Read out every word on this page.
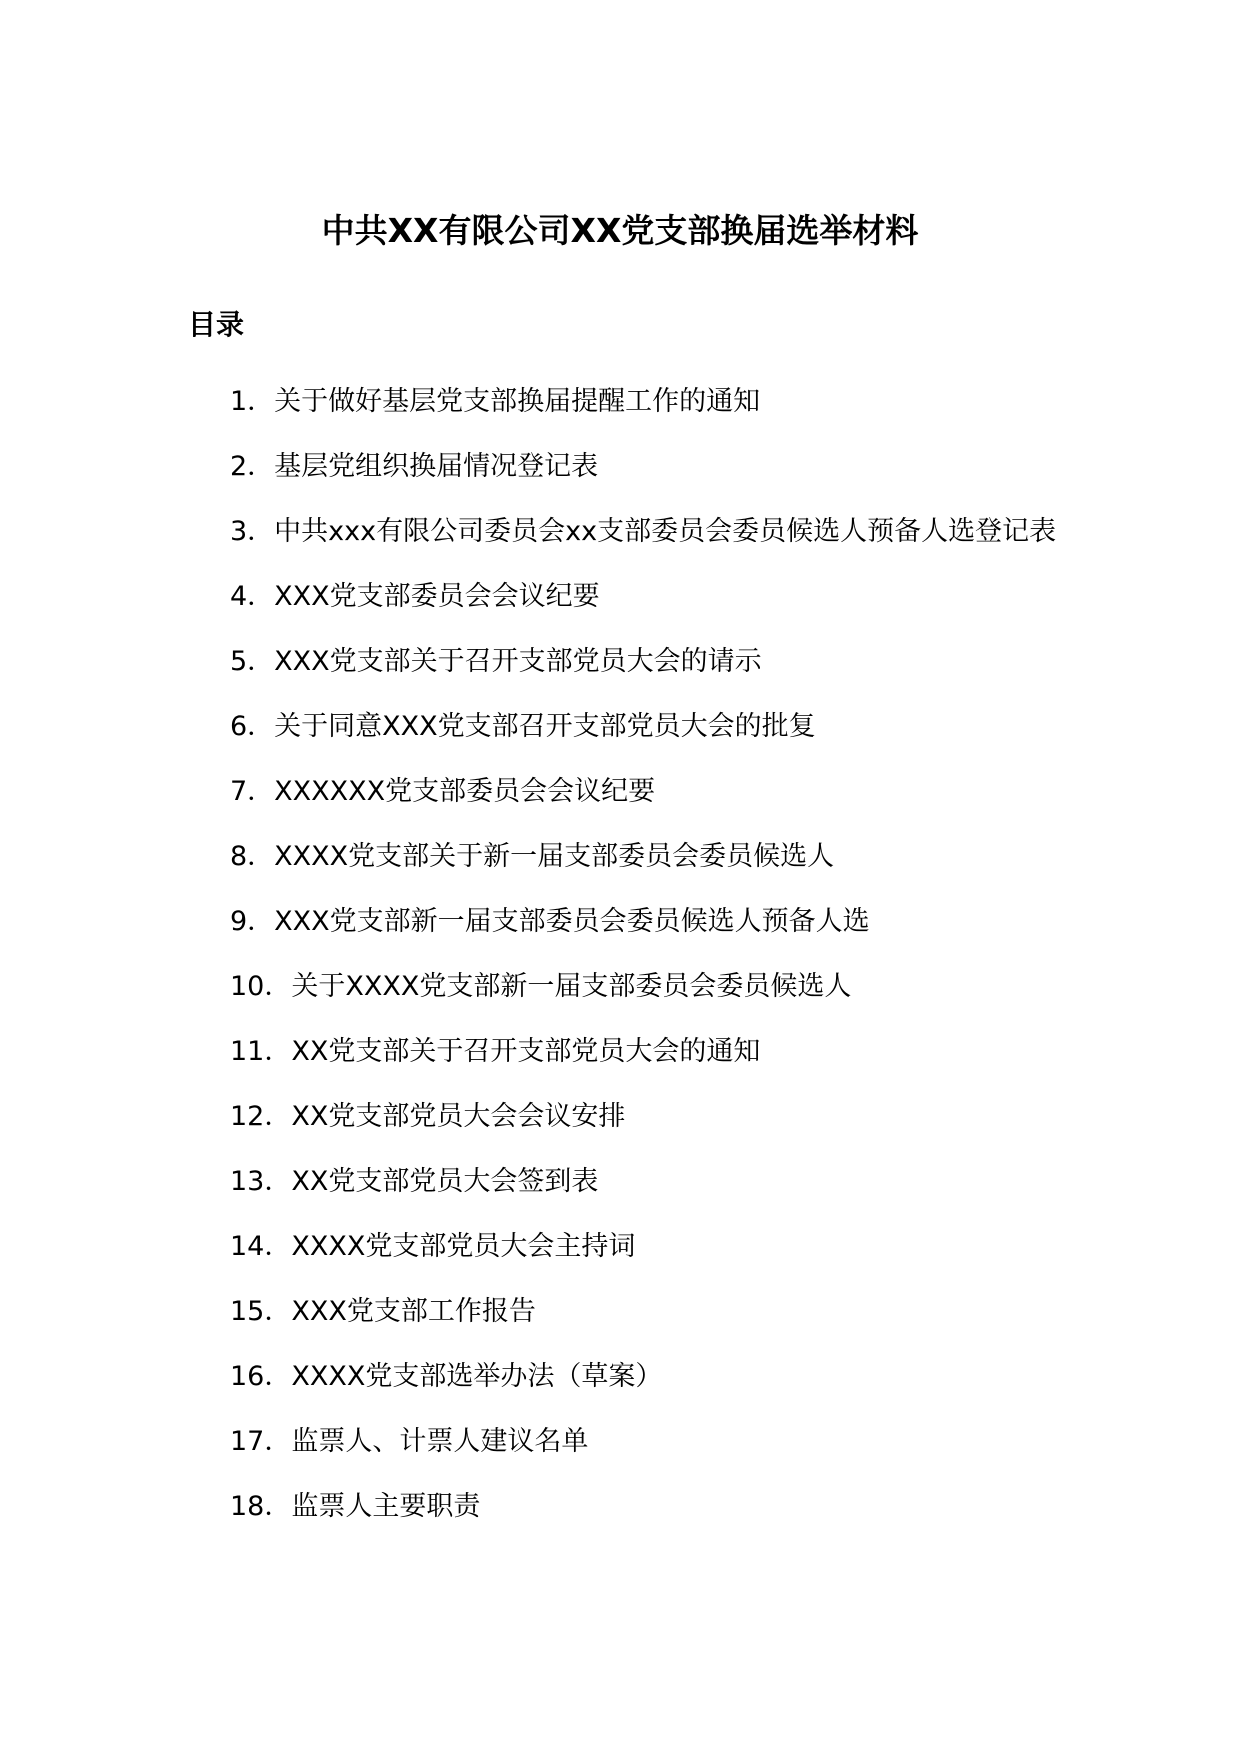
中共XX有限公司XX党支部换届选举材料
目录
1．关于做好基层党支部换届提醒工作的通知
2．基层党组织换届情况登记表
3．中共xxx有限公司委员会xx支部委员会委员候选人预备人选登记表
4．XXX党支部委员会会议纪要
5．XXX党支部关于召开支部党员大会的请示
6．关于同意XXX党支部召开支部党员大会的批复
7．XXXXXX党支部委员会会议纪要
8．XXXX党支部关于新一届支部委员会委员候选人
9．XXX党支部新一届支部委员会委员候选人预备人选
10．关于XXXX党支部新一届支部委员会委员候选人
11．XX党支部关于召开支部党员大会的通知
12．XX党支部党员大会会议安排
13．XX党支部党员大会签到表
14．XXXX党支部党员大会主持词
15．XXX党支部工作报告
16．XXXX党支部选举办法（草案）
17．监票人、计票人建议名单
18．监票人主要职责
